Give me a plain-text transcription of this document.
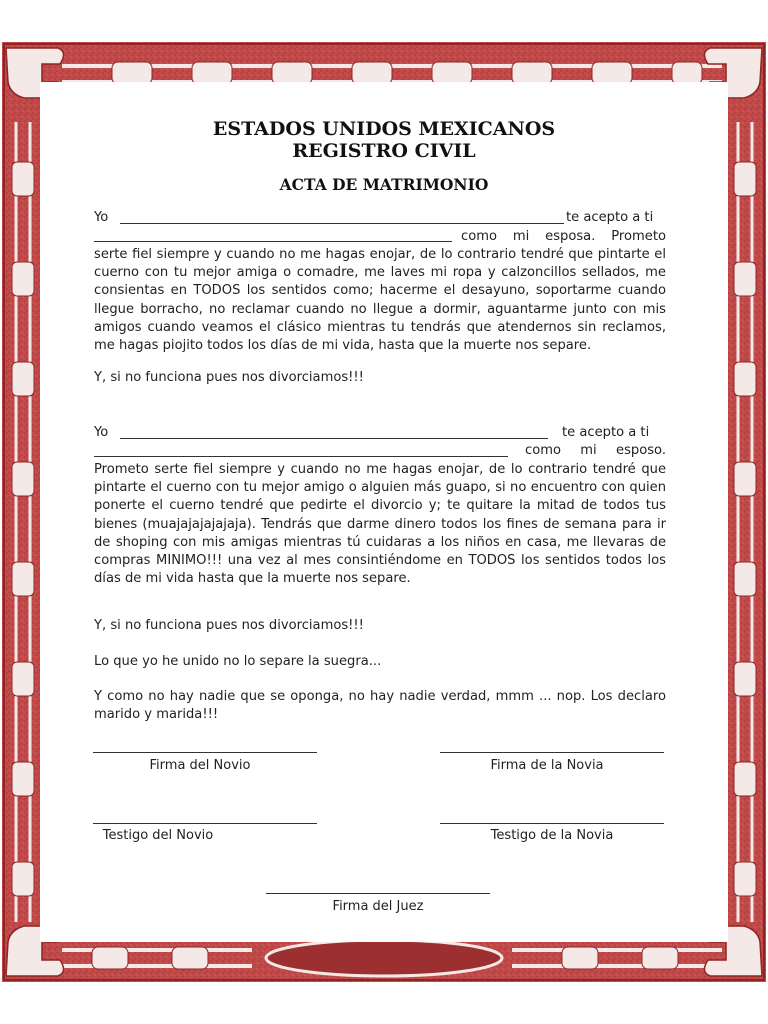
ESTADOS UNIDOS MEXICANOS
REGISTRO CIVIL
ACTA DE MATRIMONIO
Yo	te acepto a ti
como mi esposa. Prometo

serte fiel siempre y cuando no me hagas enojar, de lo contrario tendré que pintarte el cuerno con tu mejor amiga o comadre, me laves mi ropa y calzoncillos sellados, me consientas en TODOS los sentidos como; hacerme el desayuno, soportarme cuando llegue borracho, no reclamar cuando no llegue a dormir, aguantarme junto con mis amigos cuando veamos el clásico mientras tu tendrás que atendernos sin reclamos, me hagas piojito todos los días de mi vida, hasta que la muerte nos separe.

Y, si no funciona pues nos divorciamos!!!
Yo	te acepto a ti
como mi esposo.

Prometo serte fiel siempre y cuando no me hagas enojar, de lo contrario tendré que pintarte el cuerno con tu mejor amigo o alguien más guapo, si no encuentro con quien ponerte el cuerno tendré que pedirte el divorcio y; te quitare la mitad de todos tus bienes (muajajajajajaja). Tendrás que darme dinero todos los fines de semana para ir de shoping con mis amigas mientras tú cuidaras a los niños en casa, me llevaras de compras MINIMO!!! una vez al mes consintiéndome en TODOS los sentidos todos los días de mi vida hasta que la muerte nos separe.

Y, si no funciona pues nos divorciamos!!!
Lo que yo he unido no lo separe la suegra...

Y como no hay nadie que se oponga, no hay nadie verdad, mmm ... nop. Los declaro marido y marida!!!

Firma del Novio	Firma de la Novia
Testigo del Novio	Testigo de la Novia
Firma del Juez
